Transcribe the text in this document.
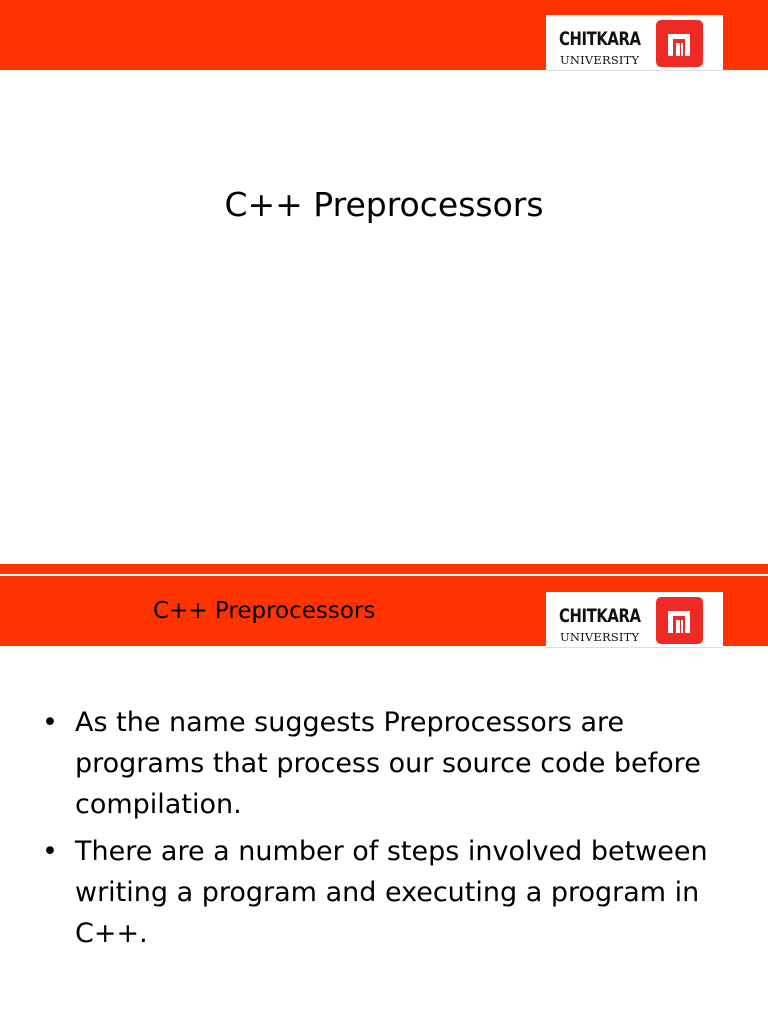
CHITKARA
UNIVERSITY
C++ Preprocessors
C++ Preprocessors	CHITKARA
UNIVERSITY
• As the name suggests Preprocessors are programs that process our source code before compilation.
• There are a number of steps involved between writing a program and executing a program in C++.
